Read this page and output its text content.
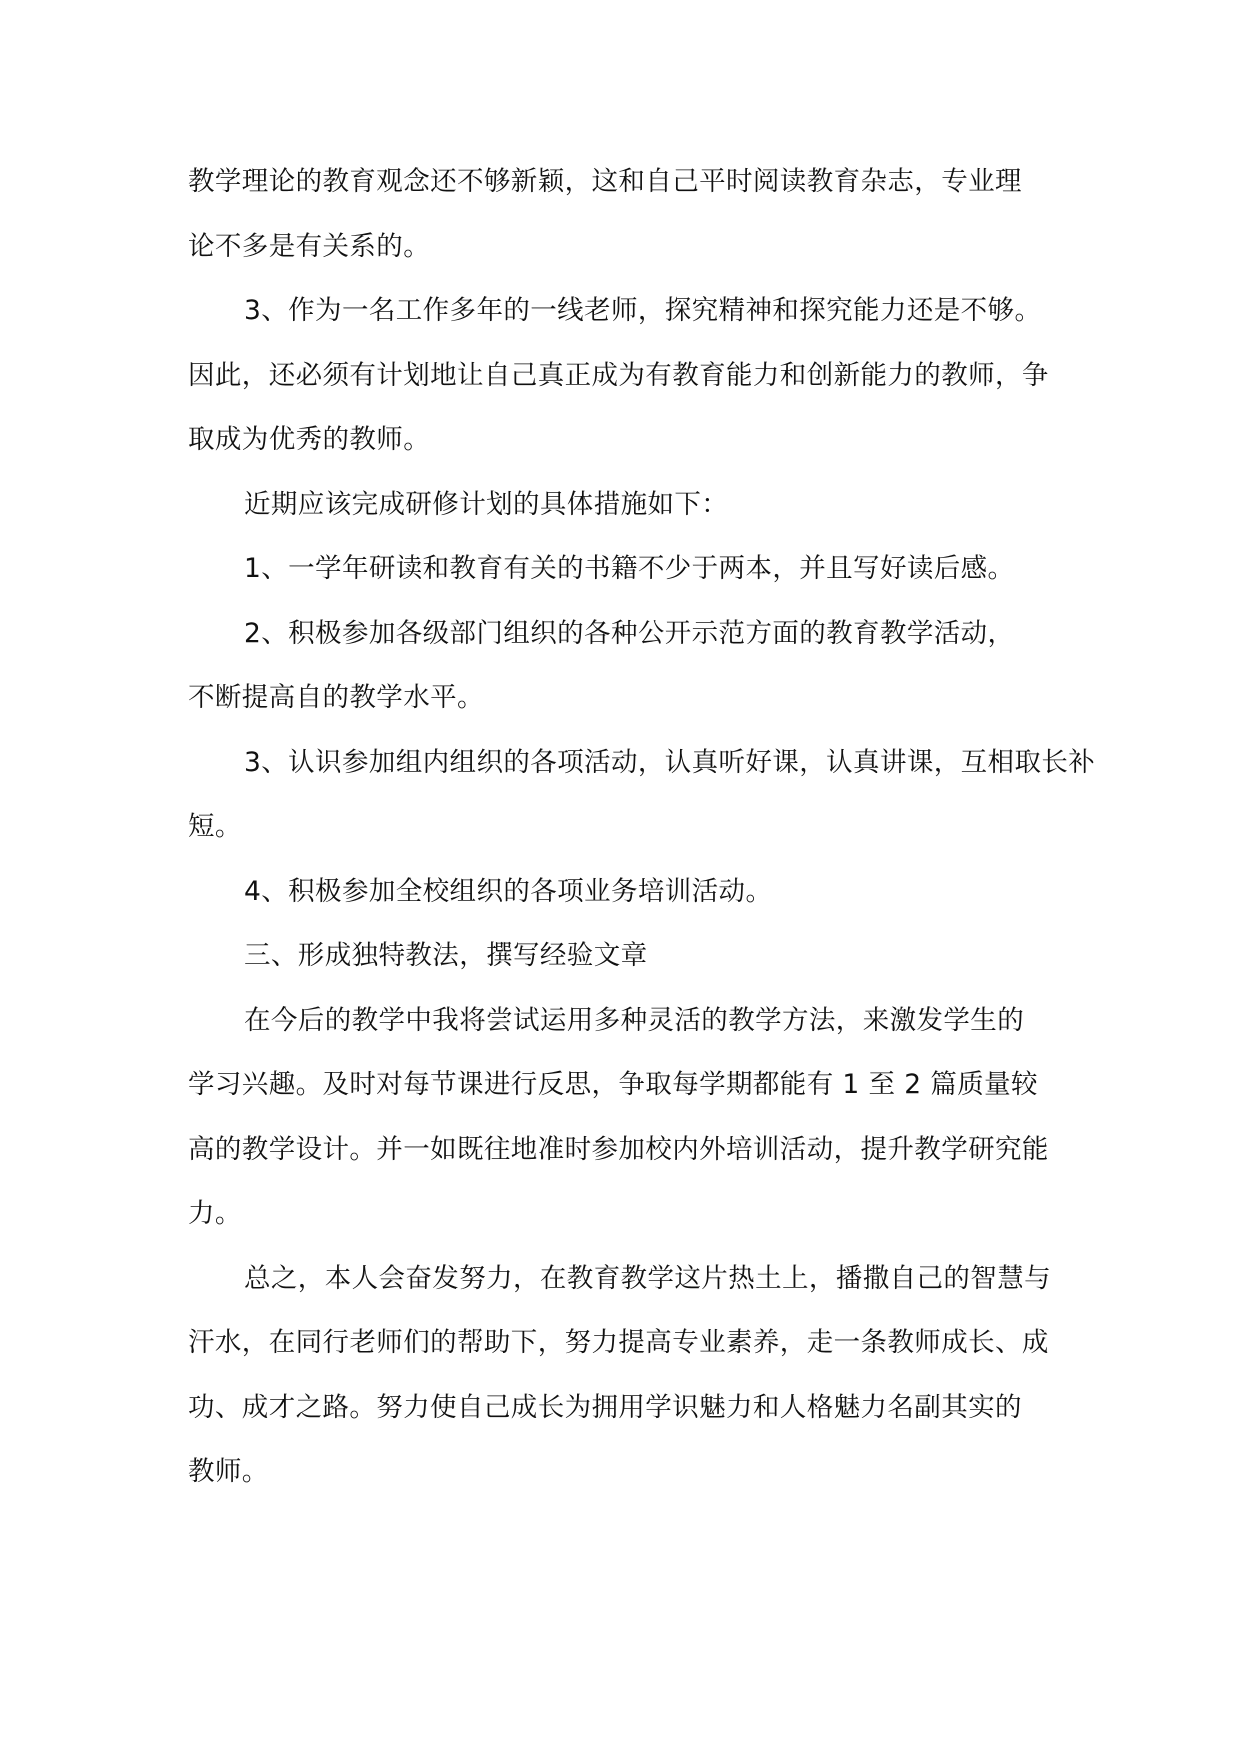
教学理论的教育观念还不够新颖，这和自己平时阅读教育杂志，专业理
论不多是有关系的。
3、作为一名工作多年的一线老师，探究精神和探究能力还是不够。
因此，还必须有计划地让自己真正成为有教育能力和创新能力的教师，争
取成为优秀的教师。
近期应该完成研修计划的具体措施如下：
1、一学年研读和教育有关的书籍不少于两本，并且写好读后感。
2、积极参加各级部门组织的各种公开示范方面的教育教学活动，
不断提高自的教学水平。
3、认识参加组内组织的各项活动，认真听好课，认真讲课，互相取长补
短。
4、积极参加全校组织的各项业务培训活动。
三、形成独特教法，撰写经验文章
在今后的教学中我将尝试运用多种灵活的教学方法，来激发学生的
学习兴趣。及时对每节课进行反思，争取每学期都能有 1 至 2 篇质量较
高的教学设计。并一如既往地准时参加校内外培训活动，提升教学研究能
力。
总之，本人会奋发努力，在教育教学这片热土上，播撒自己的智慧与
汗水，在同行老师们的帮助下，努力提高专业素养，走一条教师成长、成
功、成才之路。努力使自己成长为拥用学识魅力和人格魅力名副其实的
教师。
